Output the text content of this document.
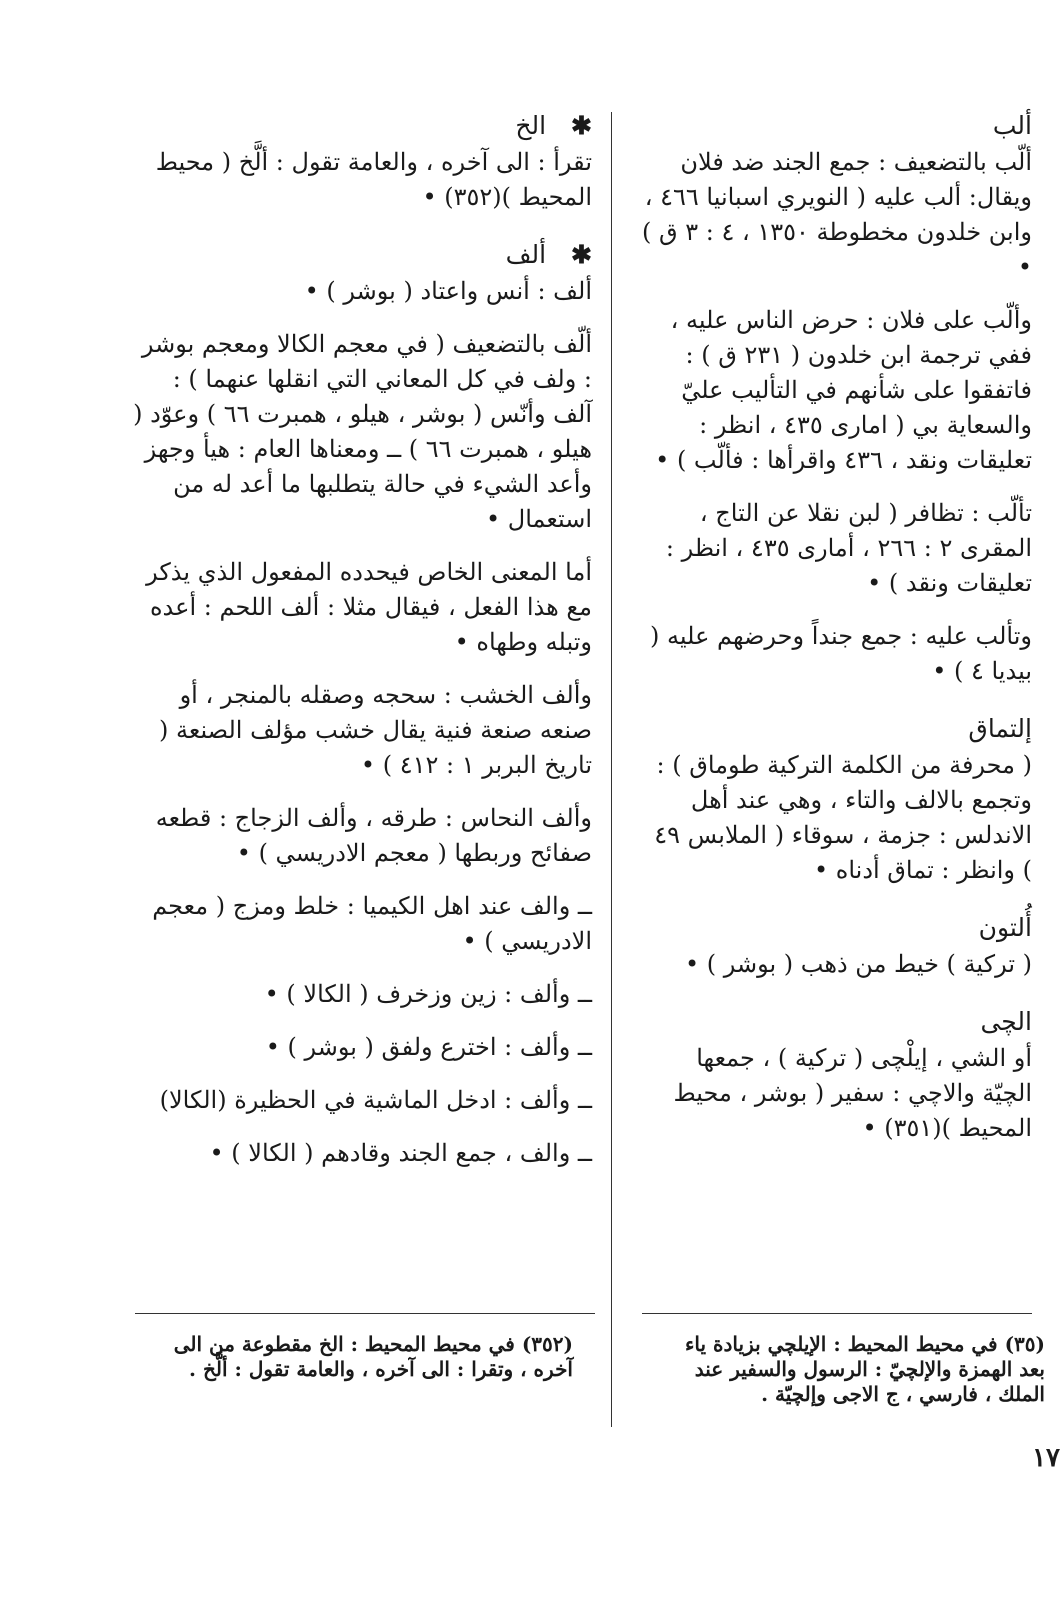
ألب

ألّب بالتضعيف : جمع الجند ضد فلان ويقال: ألب عليه ( النويري اسبانيا ٤٦٦ ، وابن خلدون مخطوطة ١٣٥٠ ، ٤ : ٣ ق ) •

وألّب على فلان : حرض الناس عليه ، ففي ترجمة ابن خلدون ( ٢٣١ ق ) : فاتفقوا على شأنهم في التأليب عليّ والسعاية بي ( امارى ٤٣٥ ، انظر : تعليقات ونقد ، ٤٣٦ واقرأها : فألّب ) •

تألّب : تظافر ( لبن نقلا عن التاج ، المقرى ٢ : ٢٦٦ ، أمارى ٤٣٥ ، انظر : تعليقات ونقد ) •

وتألب عليه : جمع جنداً وحرضهم عليه ( بيديا ٤ ) •

إلتماق

( محرفة من الكلمة التركية طوماق ) : وتجمع بالالف والتاء ، وهي عند أهل الاندلس : جزمة ، سوقاء ( الملابس ٤٩ ) وانظر : تماق أدناه •

أُلتون

( تركية ) خيط من ذهب ( بوشر ) •

الچى

أو الشي ، إيلْچى ( تركية ) ، جمعها الچيّة والاچي : سفير ( بوشر ، محيط المحيط )(٣٥١) •

✱ الخ

تقرأ : الى آخره ، والعامة تقول : ألَّخ ( محيط المحيط )(٣٥٢) •

✱ ألف

ألف : أنس واعتاد ( بوشر ) •

ألّف بالتضعيف ( في معجم الكالا ومعجم بوشر : ولف في كل المعاني التي انقلها عنهما ) : آلف وأنّس ( بوشر ، هيلو ، همبرت ٦٦ ) وعوّد ( هيلو ، همبرت ٦٦ ) ــ ومعناها العام : هيأ وجهز وأعد الشيء في حالة يتطلبها ما أعد له من استعمال •

أما المعنى الخاص فيحدده المفعول الذي يذكر مع هذا الفعل ، فيقال مثلا : ألف اللحم : أعده وتبله وطهاه •

وألف الخشب : سحجه وصقله بالمنجر ، أو صنعه صنعة فنية يقال خشب مؤلف الصنعة ( تاريخ البربر ١ : ٤١٢ ) •

وألف النحاس : طرقه ، وألف الزجاج : قطعه صفائح وربطها ( معجم الادريسي ) •

ــ والف عند اهل الكيميا : خلط ومزج ( معجم الادريسي ) •

ــ وألف : زين وزخرف ( الكالا ) •

ــ وألف : اخترع ولفق ( بوشر ) •

ــ وألف : ادخل الماشية في الحظيرة (الكالا)

ــ والف ، جمع الجند وقادهم ( الكالا ) •

(٣٥) في محيط المحيط : الإيلچي بزيادة ياء بعد الهمزة والإلچيّ : الرسول والسفير عند الملك ، فارسي ، ج الاجى وإلچيّة .
(٣٥٢) في محيط المحيط : الخ مقطوعة من الى آخره ، وتقرا : الى آخره ، والعامة تقول : ألَّخ .
١٧
